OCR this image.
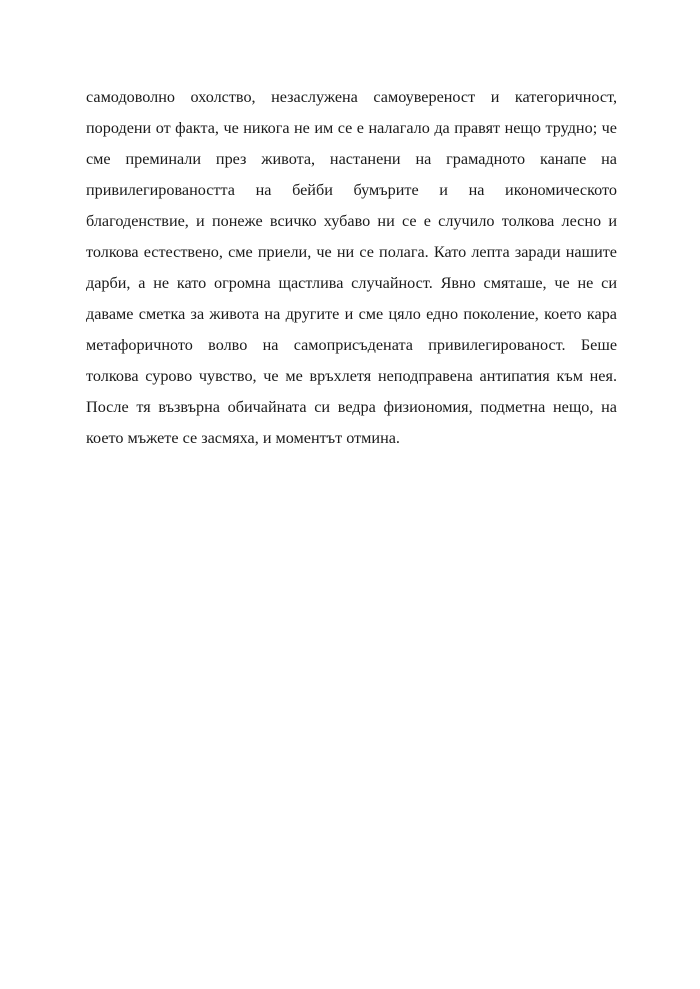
самодоволно охолство, незаслужена самоувереност и категоричност,
породени от факта, че никога не им се е налагало да правят нещо трудно; че
сме преминали през живота, настанени на грамадното канапе на
привилегироваността на бейби бумърите и на икономическото
благоденствие, и понеже всичко хубаво ни се е случило толкова лесно и
толкова естествено, сме приели, че ни се полага. Като лепта заради нашите
дарби, а не като огромна щастлива случайност. Явно смяташе, че не си
даваме сметка за живота на другите и сме цяло едно поколение, което кара
метафоричното волво на самоприсъдената привилегированост. Беше
толкова сурово чувство, че ме връхлетя неподправена антипатия към нея.
После тя възвърна обичайната си ведра физиономия, подметна нещо, на
което мъжете се засмяха, и моментът отмина.
